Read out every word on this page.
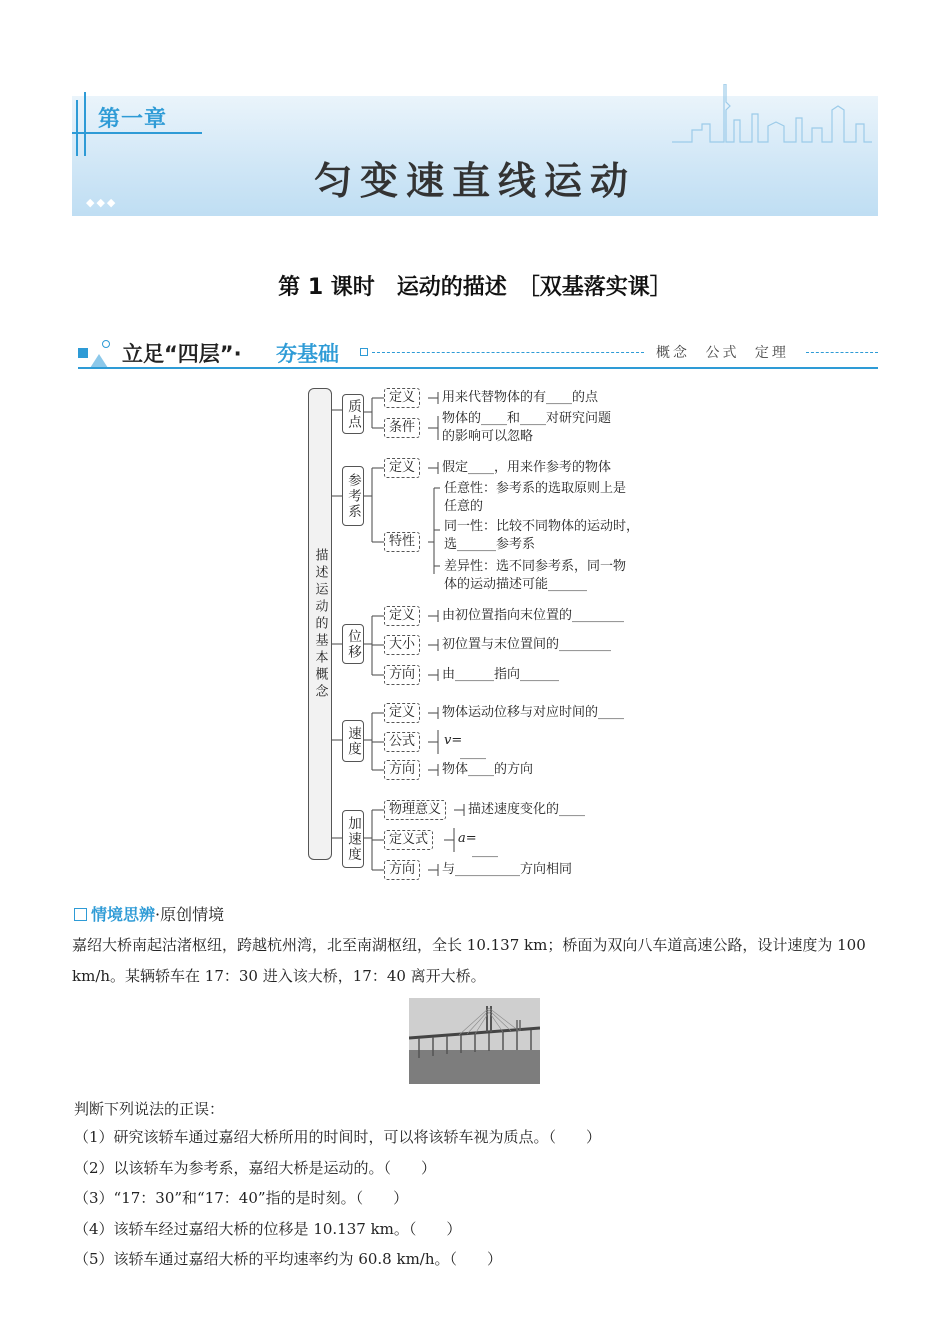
第一章
匀变速直线运动
◆◆◆
第 1 课时　运动的描述　［双基落实课］
立足“四层”· 夯基础	概念 公式 定理
描述运动的基本概念
质点
定义	用来代替物体的有____的点
条件
物体的____和____对研究问题
的影响可以忽略
参考系
定义	假定____，用来作参考的物体
特性
任意性：参考系的选取原则上是
任意的
同一性：比较不同物体的运动时，
选______参考系
差异性：选不同参考系，同一物
体的运动描述可能______
位移
定义	由初位置指向末位置的________
大小	初位置与末位置间的________
方向	由______指向______
速度
定义	物体运动位移与对应时间的____
公式	v=
____
方向	物体____的方向
加速度
物理意义	描述速度变化的____
定义式	a=
____
方向	与__________方向相同
情境思辨·原创情境
嘉绍大桥南起沽渚枢纽，跨越杭州湾，北至南湖枢纽，全长 10.137 km；桥面为双向八车道高速公路，设计速度为 100 km/h。某辆轿车在 17：30 进入该大桥，17：40 离开大桥。
判断下列说法的正误：
（1）研究该轿车通过嘉绍大桥所用的时间时，可以将该轿车视为质点。（　　）
（2）以该轿车为参考系，嘉绍大桥是运动的。（　　）
（3）“17：30”和“17：40”指的是时刻。（　　）
（4）该轿车经过嘉绍大桥的位移是 10.137 km。（　　）
（5）该轿车通过嘉绍大桥的平均速率约为 60.8 km/h。（　　）
